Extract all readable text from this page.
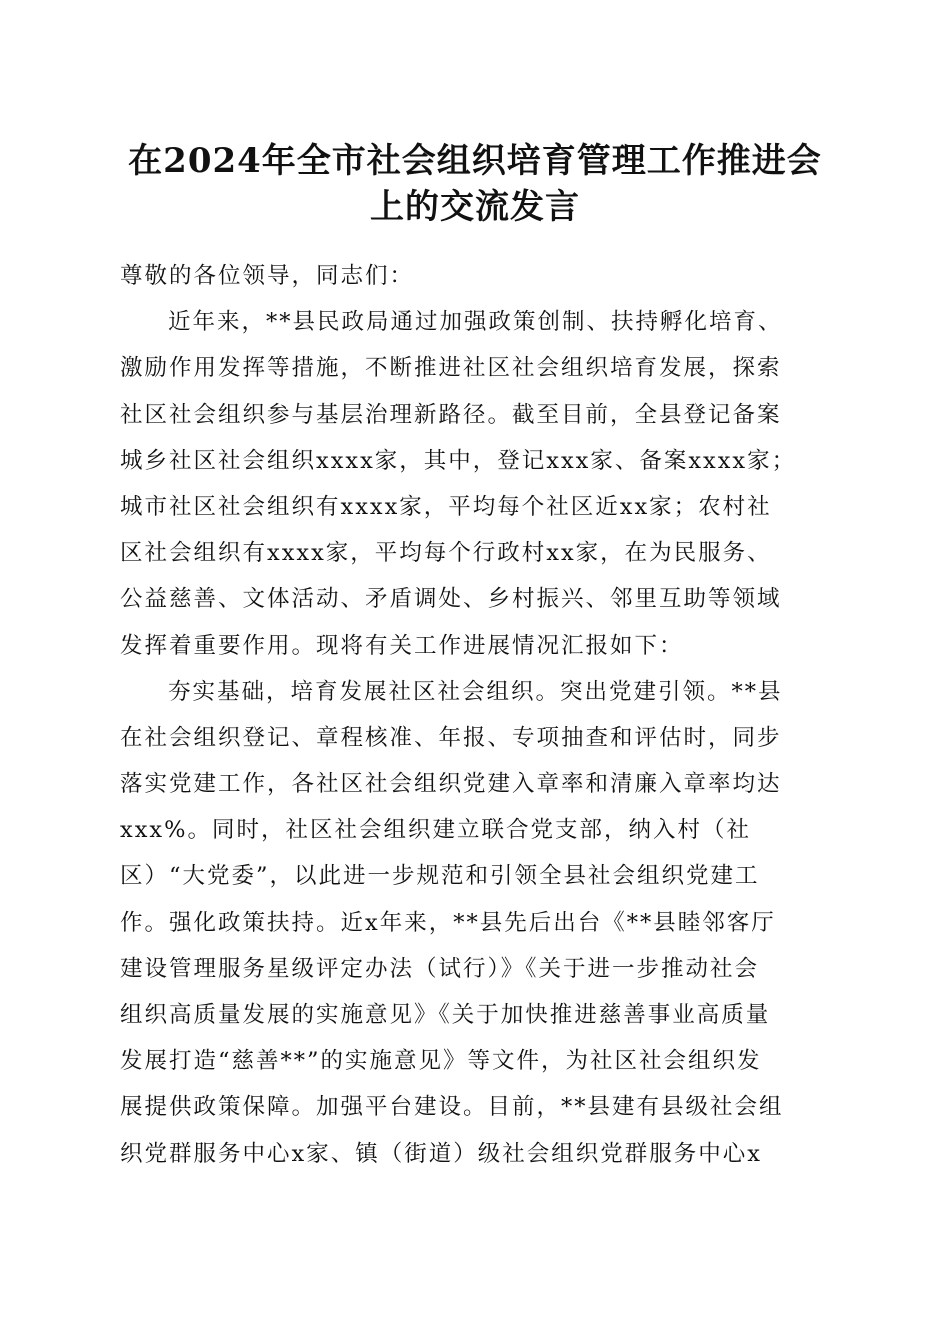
在2024年全市社会组织培育管理工作推进会
上的交流发言
尊敬的各位领导，同志们：
近年来，**县民政局通过加强政策创制、扶持孵化培育、
激励作用发挥等措施，不断推进社区社会组织培育发展，探索
社区社会组织参与基层治理新路径。截至目前，全县登记备案
城乡社区社会组织xxxx家，其中，登记xxx家、备案xxxx家；
城市社区社会组织有xxxx家，平均每个社区近xx家；农村社
区社会组织有xxxx家，平均每个行政村xx家，在为民服务、
公益慈善、文体活动、矛盾调处、乡村振兴、邻里互助等领域
发挥着重要作用。现将有关工作进展情况汇报如下：
夯实基础，培育发展社区社会组织。突出党建引领。**县
在社会组织登记、章程核准、年报、专项抽查和评估时，同步
落实党建工作，各社区社会组织党建入章率和清廉入章率均达
xxx%。同时，社区社会组织建立联合党支部，纳入村（社
区）“大党委”，以此进一步规范和引领全县社会组织党建工
作。强化政策扶持。近x年来，**县先后出台《**县睦邻客厅
建设管理服务星级评定办法（试行）》《关于进一步推动社会
组织高质量发展的实施意见》《关于加快推进慈善事业高质量
发展打造“慈善**”的实施意见》等文件，为社区社会组织发
展提供政策保障。加强平台建设。目前，**县建有县级社会组
织党群服务中心x家、镇（街道）级社会组织党群服务中心x
